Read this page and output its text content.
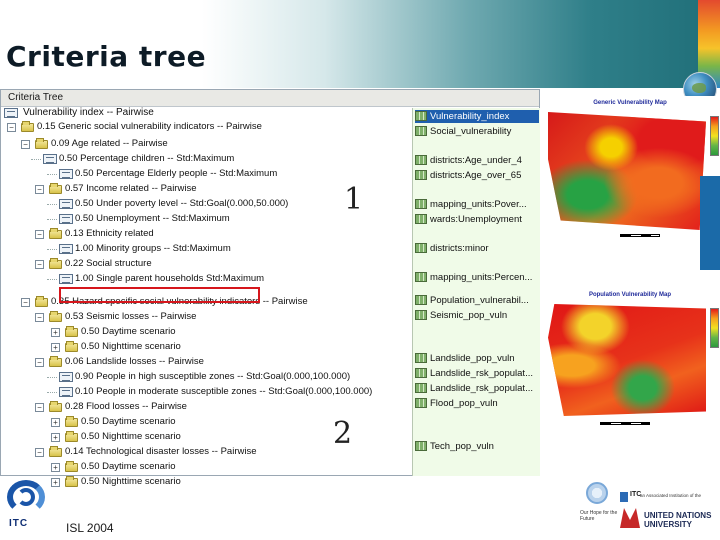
Criteria tree
Criteria Tree
Vulnerability index -- Pairwise
− 0.15 Generic social vulnerability indicators -- Pairwise
− 0.09 Age related -- Pairwise
0.50 Percentage children -- Std:Maximum
0.50 Percentage Elderly people -- Std:Maximum
− 0.57 Income related -- Pairwise
0.50 Under poverty level -- Std:Goal(0.000,50.000)
0.50 Unemployment -- Std:Maximum
− 0.13 Ethnicity related
1.00 Minority groups -- Std:Maximum
− 0.22 Social structure
1.00 Single parent households Std:Maximum
− 0.35 Hazard specific social vulnerability indicators -- Pairwise
− 0.53 Seismic losses -- Pairwise
+ 0.50 Daytime scenario
+ 0.50 Nighttime scenario
− 0.06 Landslide losses -- Pairwise
0.90 People in high susceptible zones -- Std:Goal(0.000,100.000)
0.10 People in moderate susceptible zones -- Std:Goal(0.000,100.000)
− 0.28 Flood losses -- Pairwise
+ 0.50 Daytime scenario
+ 0.50 Nighttime scenario
− 0.14 Technological disaster losses -- Pairwise
+ 0.50 Daytime scenario
+ 0.50 Nighttime scenario
Vulnerability_index
Social_vulnerability
districts:Age_under_4
districts:Age_over_65
mapping_units:Pover...
wards:Unemployment
districts:minor
mapping_units:Percen...
Population_vulnerabil...
Seismic_pop_vuln
Landslide_pop_vuln
Landslide_rsk_populat...
Landslide_rsk_populat...
Flood_pop_vuln
Tech_pop_vuln
1
2
Generic Vulnerability Map
Population Vulnerability Map
ITC	ISL 2004
Our Hope for the Future
ITC
an Associated Institution of the
UNITED NATIONS
UNIVERSITY
